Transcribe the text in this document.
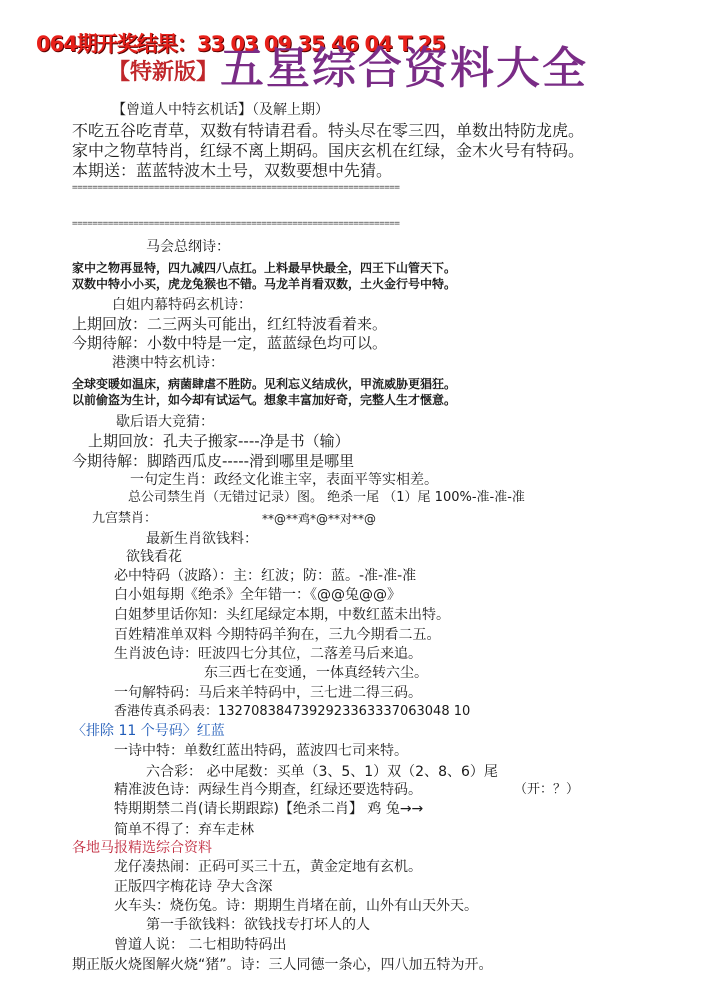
064期开奖结果：33 03 09 35 46 04 T 25
【特新版】 五星综合资料大全
【曾道人中特玄机话】（及解上期）
不吃五谷吃青草，双数有特请君看。特头尽在零三四，单数出特防龙虎。
家中之物草特肖，红绿不离上期码。国庆玄机在红绿，金木火号有特码。
本期送：蓝蓝特波木土号，双数要想中先猜。
================================================================
================================================================
马会总纲诗：
家中之物再显特，四九减四八点扛。上料最早快最全，四王下山管天下。
双数中特小小买，虎龙兔猴也不错。马龙羊肖看双数，土火金行号中特。
白姐内幕特码玄机诗：
上期回放：二三两头可能出，红红特波看着来。
今期待解：小数中特是一定，蓝蓝绿色均可以。
港澳中特玄机诗：
全球变暖如温床，病菌肆虐不胜防。见利忘义结成伙，甲流威胁更猖狂。
以前偷盗为生计，如今却有试运气。想象丰富加好奇，完整人生才惬意。
歇后语大竞猜：
上期回放：孔夫子搬家----净是书（输）
今期待解：脚踏西瓜皮-----滑到哪里是哪里
一句定生肖：政经文化谁主宰，表面平等实相差。
总公司禁生肖（无错过记录）图。 绝杀一尾 （1）尾 100%-准-准-准
九宫禁肖：	**@**鸡*@**对**@
最新生肖欲钱料：
欲钱看花
必中特码（波路）：主：红波；防：蓝。-准-准-准
白小姐每期《绝杀》全年错一：《@@兔@@》
白姐梦里话你知：头红尾绿定本期，中数红蓝未出特。
百姓精准单双料 今期特码羊狗在，三九今期看二五。
生肖波色诗：旺波四七分其位，二落差马后来追。
东三西七在变通，一体真经转六尘。
一句解特码：马后来羊特码中，三七进二得三码。
香港传真杀码表：1327083847392923363337063048 10
〈排除 11 个号码〉红蓝
一诗中特：单数红蓝出特码，蓝波四七司来特。
六合彩： 必中尾数：买单（3、5、1）双（2、8、6）尾
精准波色诗：两绿生肖今期查，红绿还要选特码。	（开：？）
特期期禁二肖(请长期跟踪)【绝杀二肖】 鸡 兔→→
简单不得了：弃车走林
各地马报精选综合资料
龙仔凑热闹：正码可买三十五，黄金定地有玄机。
正版四字梅花诗 孕大含深
火车头：烧伤兔。诗：期期生肖堵在前，山外有山天外天。
第一手欲钱料：欲钱找专打坏人的人
曾道人说： 二七相助特码出
期正版火烧图解火烧“猪”。诗：三人同德一条心，四八加五特为开。
